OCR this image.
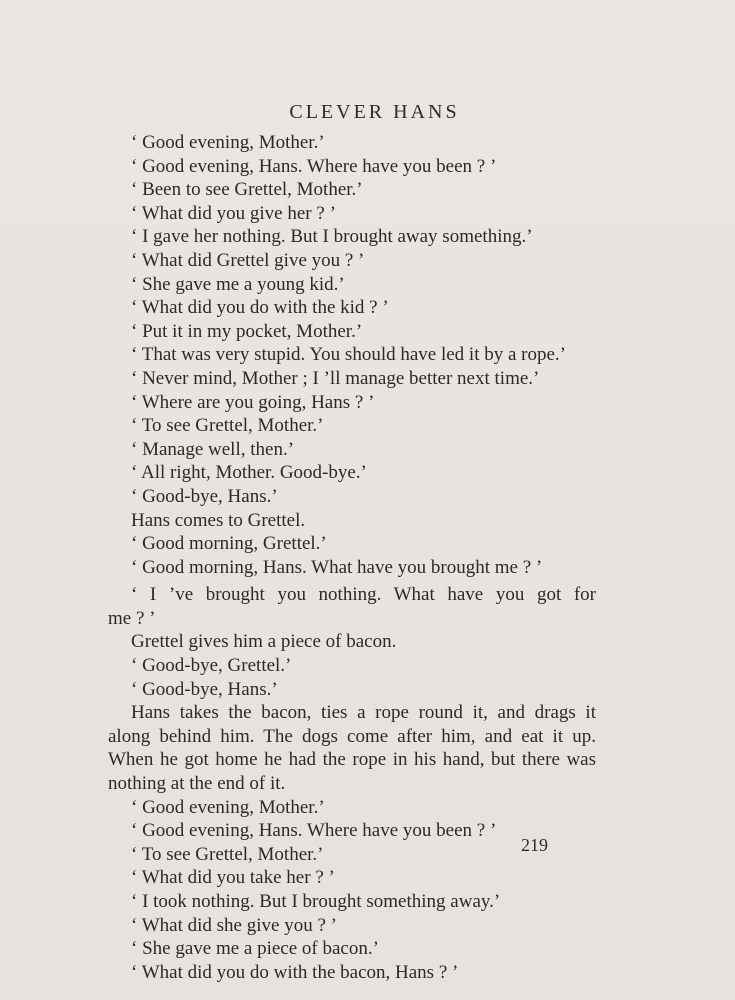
CLEVER HANS

‘ Good evening, Mother.’

‘ Good evening, Hans. Where have you been ? ’

‘ Been to see Grettel, Mother.’

‘ What did you give her ? ’

‘ I gave her nothing. But I brought away something.’

‘ What did Grettel give you ? ’

‘ She gave me a young kid.’

‘ What did you do with the kid ? ’

‘ Put it in my pocket, Mother.’

‘ That was very stupid. You should have led it by a rope.’

‘ Never mind, Mother ; I ’ll manage better next time.’

‘ Where are you going, Hans ? ’

‘ To see Grettel, Mother.’

‘ Manage well, then.’

‘ All right, Mother. Good-bye.’

‘ Good-bye, Hans.’

Hans comes to Grettel.

‘ Good morning, Grettel.’

‘ Good morning, Hans. What have you brought me ? ’

‘ I ’ve brought you nothing. What have you got for

me ? ’

Grettel gives him a piece of bacon.

‘ Good-bye, Grettel.’

‘ Good-bye, Hans.’

Hans takes the bacon, ties a rope round it, and drags it

along behind him. The dogs come after him, and eat it up.

When he got home he had the rope in his hand, but there was

nothing at the end of it.

‘ Good evening, Mother.’

‘ Good evening, Hans. Where have you been ? ’

‘ To see Grettel, Mother.’

‘ What did you take her ? ’

‘ I took nothing. But I brought something away.’

‘ What did she give you ? ’

‘ She gave me a piece of bacon.’

‘ What did you do with the bacon, Hans ? ’

219
